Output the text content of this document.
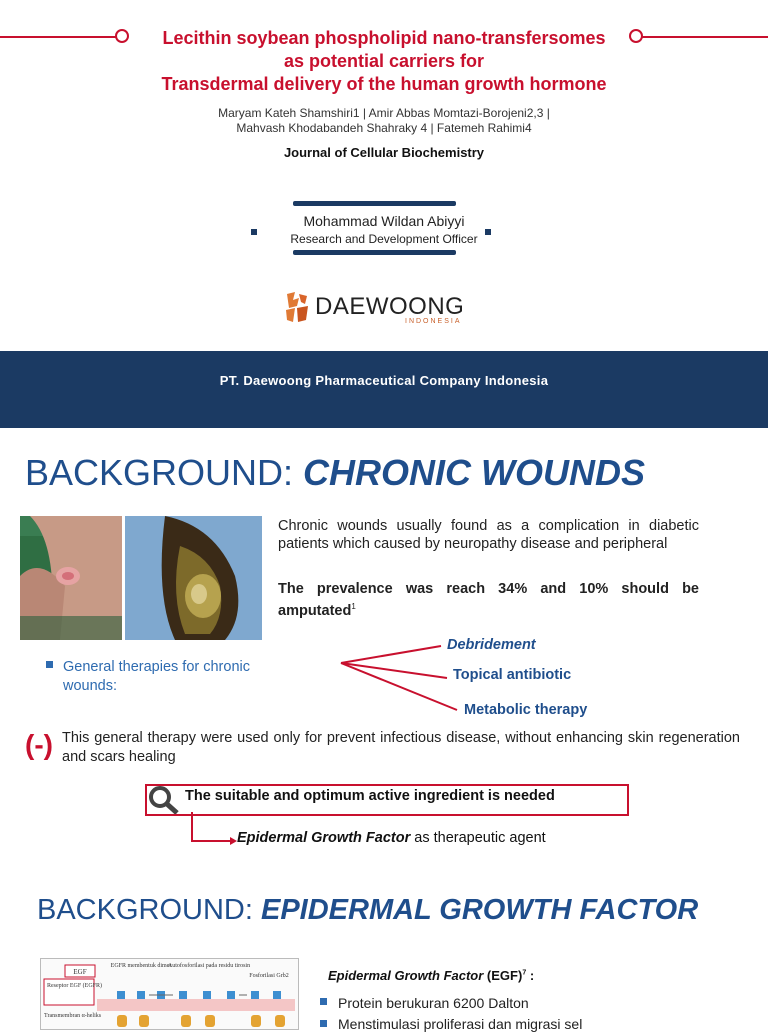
Lecithin soybean phospholipid nano-transfersomes
as potential carriers for
Transdermal delivery of the human growth hormone
Maryam Kateh Shamshiri1 | Amir Abbas Momtazi-Borojeni2,3 |
Mahvash Khodabandeh Shahraky 4 | Fatemeh Rahimi4
Journal of Cellular Biochemistry
Mohammad Wildan Abiyyi
Research and Development Officer
DAEWOONG
INDONESIA
PT. Daewoong Pharmaceutical Company Indonesia
BACKGROUND: CHRONIC WOUNDS
Chronic wounds usually found as a complication in diabetic patients which caused by neuropathy disease and peripheral
The prevalence was reach 34% and 10% should be amputated$^1$
General therapies for chronic wounds:
Debridement
Topical antibiotic
Metabolic therapy
(-) This general therapy were used only for prevent infectious disease, without enhancing skin regeneration and scars healing
The suitable and optimum active ingredient is needed
Epidermal Growth Factor as therapeutic agent
BACKGROUND: EPIDERMAL GROWTH FACTOR
EGF
Reseptor EGF (EGFR)
Transmembran α-heliks
EGFR membentuk dimer
Autofosforilasi pada residu tirosin
Fosforilasi Grb2	Epidermal Growth Factor (EGF)$^7$ :
Protein berukuran 6200 Dalton
Menstimulasi proliferasi dan migrasi sel
